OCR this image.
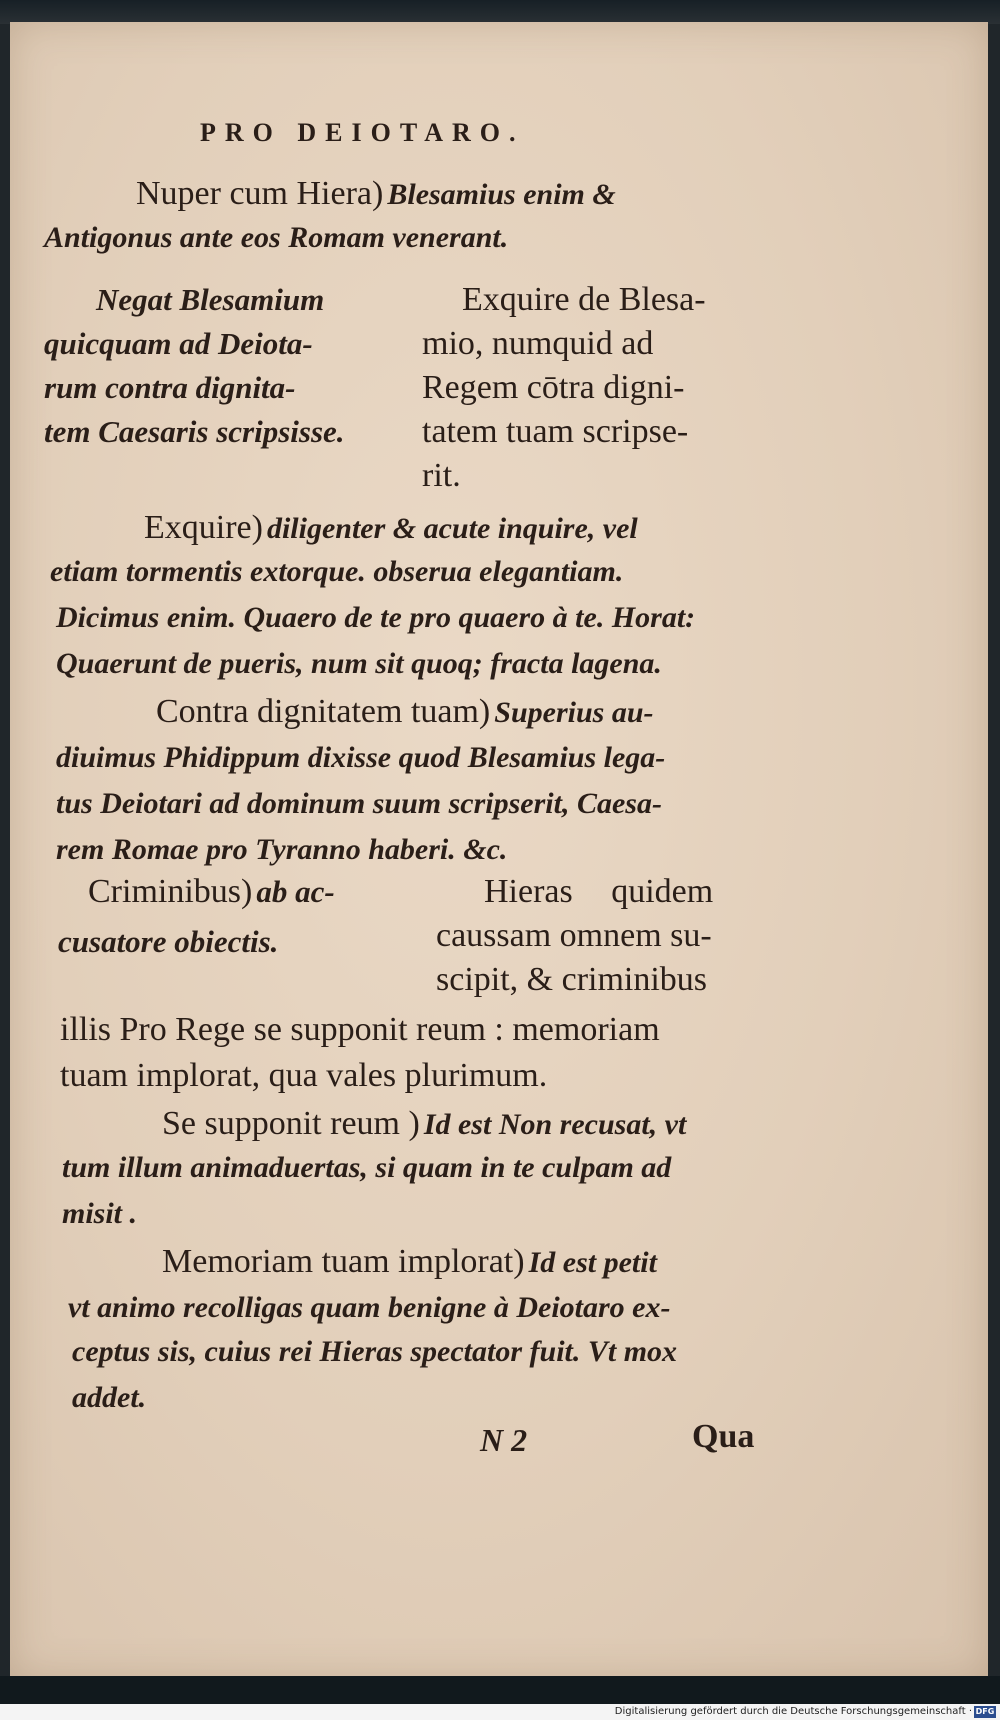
PRO DEIOTARO.
Nuper cum Hiera) Blesamius enim &
Antigonus ante eos Romam venerant.
Negat Blesamium
quicquam ad Deiota-
rum contra dignita-
tem Caesaris scripsisse.
Exquire de Blesa-
mio, numquid ad
Regem cōtra digni-
tatem tuam scripse-
rit.
Exquire) diligenter & acute inquire, vel
etiam tormentis extorque. obserua elegantiam.
Dicimus enim. Quaero de te pro quaero à te. Horat:
Quaerunt de pueris, num sit quoq; fracta lagena.
Contra dignitatem tuam) Superius au-
diuimus Phidippum dixisse quod Blesamius lega-
tus Deiotari ad dominum suum scripserit, Caesa-
rem Romae pro Tyranno haberi. &c.
Criminibus) ab ac-
cusatore obiectis.
Hieras quidem
caussam omnem su-
scipit, & criminibus
illis Pro Rege se supponit reum : memoriam
tuam implorat, qua vales plurimum.
Se supponit reum ) Id est Non recusat, vt
tum illum animaduertas, si quam in te culpam ad
misit .
Memoriam tuam implorat) Id est petit
vt animo recolligas quam benigne à Deiotaro ex-
ceptus sis, cuius rei Hieras spectator fuit. Vt mox
addet.
N 2	Qua
Digitalisierung gefördert durch die Deutsche Forschungsgemeinschaft · DFG
